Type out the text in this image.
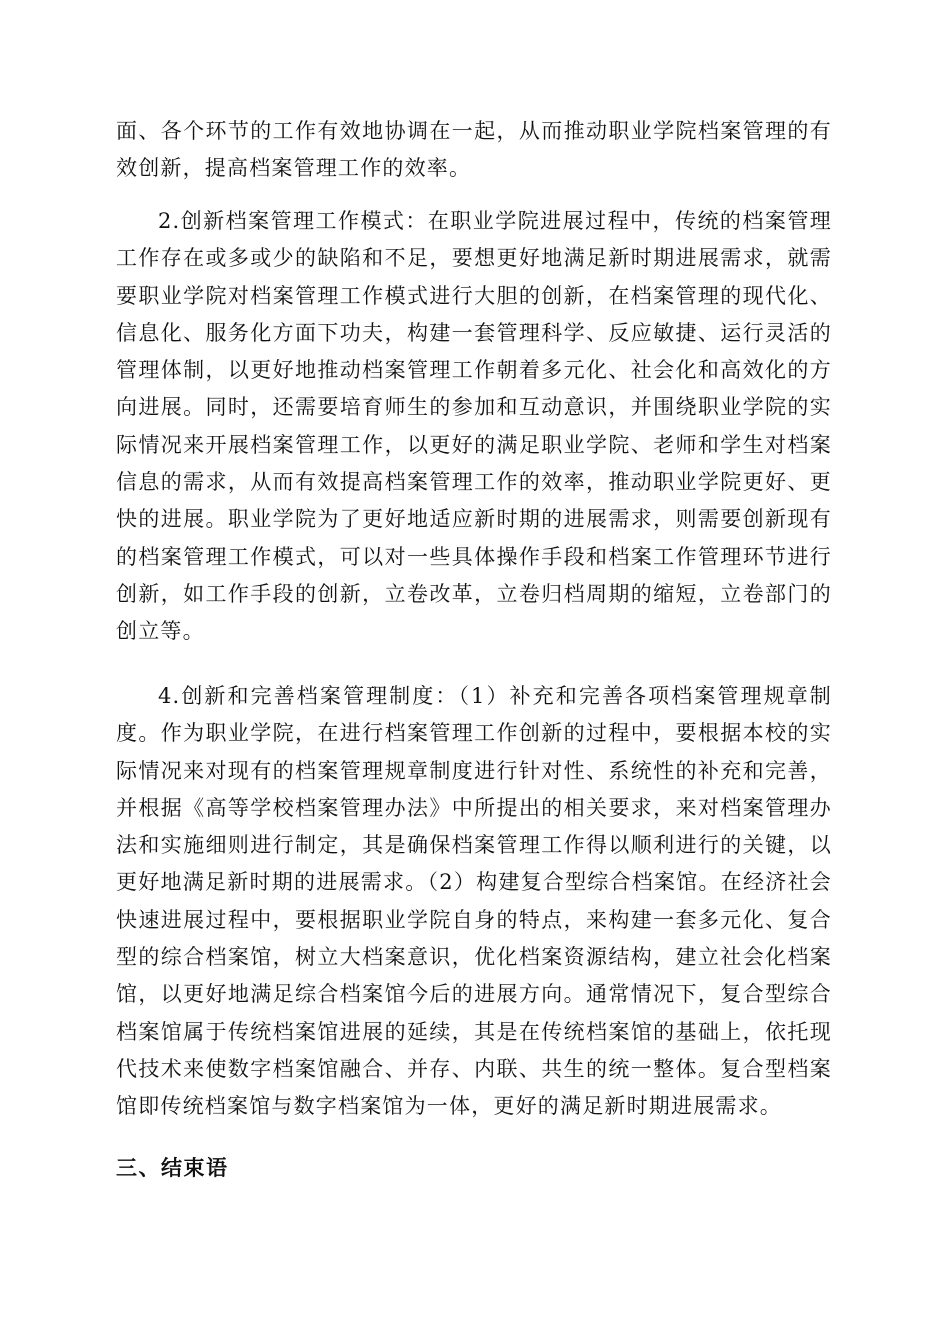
面、各个环节的工作有效地协调在一起，从而推动职业学院档案管理的有效创新，提高档案管理工作的效率。

2.创新档案管理工作模式：在职业学院进展过程中，传统的档案管理工作存在或多或少的缺陷和不足，要想更好地满足新时期进展需求，就需要职业学院对档案管理工作模式进行大胆的创新，在档案管理的现代化、信息化、服务化方面下功夫，构建一套管理科学、反应敏捷、运行灵活的管理体制，以更好地推动档案管理工作朝着多元化、社会化和高效化的方向进展。同时，还需要培育师生的参加和互动意识，并围绕职业学院的实际情况来开展档案管理工作，以更好的满足职业学院、老师和学生对档案信息的需求，从而有效提高档案管理工作的效率，推动职业学院更好、更快的进展。职业学院为了更好地适应新时期的进展需求，则需要创新现有的档案管理工作模式，可以对一些具体操作手段和档案工作管理环节进行创新，如工作手段的创新，立卷改革，立卷归档周期的缩短，立卷部门的创立等。

4.创新和完善档案管理制度：（1）补充和完善各项档案管理规章制度。作为职业学院，在进行档案管理工作创新的过程中，要根据本校的实际情况来对现有的档案管理规章制度进行针对性、系统性的补充和完善，并根据《高等学校档案管理办法》中所提出的相关要求，来对档案管理办法和实施细则进行制定，其是确保档案管理工作得以顺利进行的关键，以更好地满足新时期的进展需求。（2）构建复合型综合档案馆。在经济社会快速进展过程中，要根据职业学院自身的特点，来构建一套多元化、复合型的综合档案馆，树立大档案意识，优化档案资源结构，建立社会化档案馆，以更好地满足综合档案馆今后的进展方向。通常情况下，复合型综合档案馆属于传统档案馆进展的延续，其是在传统档案馆的基础上，依托现代技术来使数字档案馆融合、并存、内联、共生的统一整体。复合型档案馆即传统档案馆与数字档案馆为一体，更好的满足新时期进展需求。

三、结束语
